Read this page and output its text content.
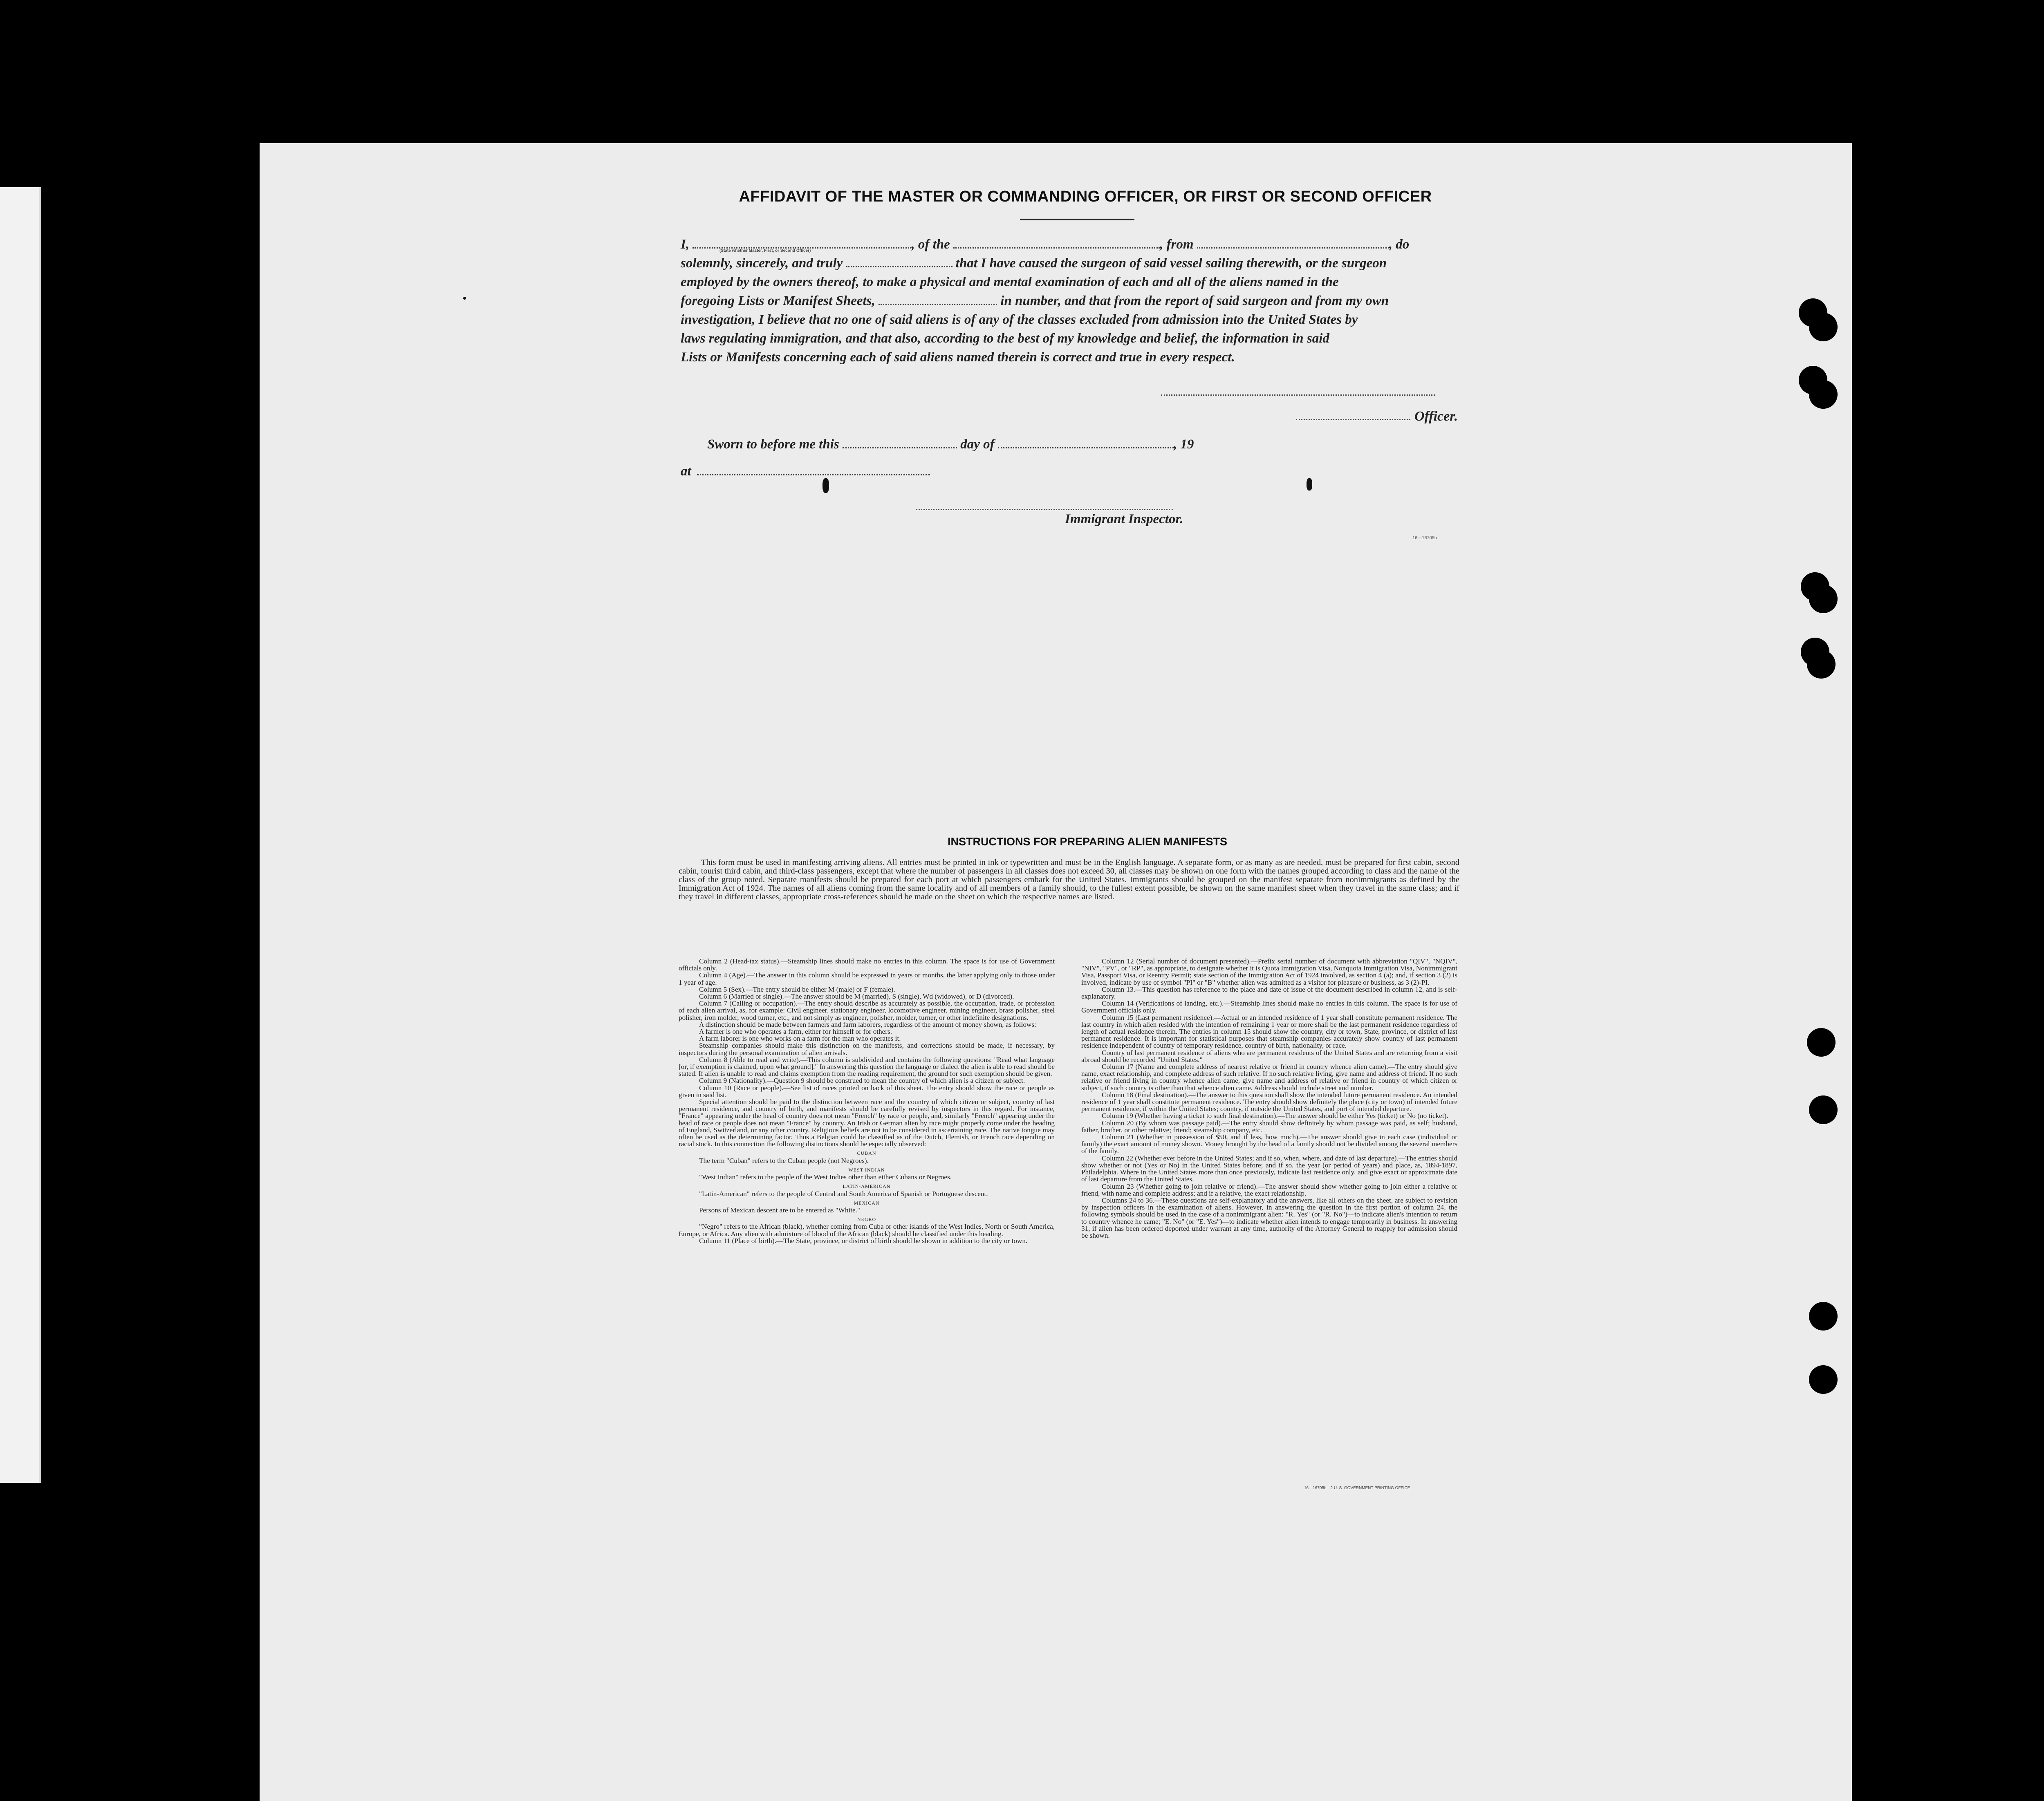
AFFIDAVIT OF THE MASTER OR COMMANDING OFFICER, OR FIRST OR SECOND OFFICER
I,	, of the	, from	, do
solemnly, sincerely, and truly	that I have caused the surgeon of said vessel sailing therewith, or the surgeon
employed by the owners thereof, to make a physical and mental examination of each and all of the aliens named in the
foregoing Lists or Manifest Sheets,	in number, and that from the report of said surgeon and from my own
investigation, I believe that no one of said aliens is of any of the classes excluded from admission into the United States by
laws regulating immigration, and that also, according to the best of my knowledge and belief, the information in said
Lists or Manifests concerning each of said aliens named therein is correct and true in every respect.
(State whether Master, First, or Second Officer)
Officer.
Sworn to before me this	day of	, 19
at
Immigrant Inspector.
16—16705b
INSTRUCTIONS FOR PREPARING ALIEN MANIFESTS

This form must be used in manifesting arriving aliens. All entries must be printed in ink or typewritten and must be in the English language. A separate form, or as many as are needed, must be prepared for first cabin, second cabin, tourist third cabin, and third-class passengers, except that where the number of passengers in all classes does not exceed 30, all classes may be shown on one form with the names grouped according to class and the name of the class of the group noted. Separate manifests should be prepared for each port at which passengers embark for the United States. Immigrants should be grouped on the manifest separate from nonimmigrants as defined by the Immigration Act of 1924. The names of all aliens coming from the same locality and of all members of a family should, to the fullest extent possible, be shown on the same manifest sheet when they travel in the same class; and if they travel in different classes, appropriate cross-references should be made on the sheet on which the respective names are listed.

Column 2 (Head-tax status).—Steamship lines should make no entries in this column. The space is for use of Government officials only.

Column 4 (Age).—The answer in this column should be expressed in years or months, the latter applying only to those under 1 year of age.

Column 5 (Sex).—The entry should be either M (male) or F (female).

Column 6 (Married or single).—The answer should be M (married), S (single), Wd (widowed), or D (divorced).

Column 7 (Calling or occupation).—The entry should describe as accurately as possible, the occupation, trade, or profession of each alien arrival, as, for example: Civil engineer, stationary engineer, locomotive engineer, mining engineer, brass polisher, steel polisher, iron molder, wood turner, etc., and not simply as engineer, polisher, molder, turner, or other indefinite designations.

A distinction should be made between farmers and farm laborers, regardless of the amount of money shown, as follows:

A farmer is one who operates a farm, either for himself or for others.

A farm laborer is one who works on a farm for the man who operates it.

Steamship companies should make this distinction on the manifests, and corrections should be made, if necessary, by inspectors during the personal examination of alien arrivals.

Column 8 (Able to read and write).—This column is subdivided and contains the following questions: "Read what language [or, if exemption is claimed, upon what ground]." In answering this question the language or dialect the alien is able to read should be stated. If alien is unable to read and claims exemption from the reading requirement, the ground for such exemption should be given.

Column 9 (Nationality).—Question 9 should be construed to mean the country of which alien is a citizen or subject.

Column 10 (Race or people).—See list of races printed on back of this sheet. The entry should show the race or people as given in said list.

Special attention should be paid to the distinction between race and the country of which citizen or subject, country of last permanent residence, and country of birth, and manifests should be carefully revised by inspectors in this regard. For instance, "France" appearing under the head of country does not mean "French" by race or people, and, similarly "French" appearing under the head of race or people does not mean "France" by country. An Irish or German alien by race might properly come under the heading of England, Switzerland, or any other country. Religious beliefs are not to be considered in ascertaining race. The native tongue may often be used as the determining factor. Thus a Belgian could be classified as of the Dutch, Flemish, or French race depending on racial stock. In this connection the following distinctions should be especially observed:

CUBAN

The term "Cuban" refers to the Cuban people (not Negroes).

WEST INDIAN

"West Indian" refers to the people of the West Indies other than either Cubans or Negroes.

LATIN-AMERICAN

"Latin-American" refers to the people of Central and South America of Spanish or Portuguese descent.

MEXICAN

Persons of Mexican descent are to be entered as "White."

NEGRO

"Negro" refers to the African (black), whether coming from Cuba or other islands of the West Indies, North or South America, Europe, or Africa. Any alien with admixture of blood of the African (black) should be classified under this heading.

Column 11 (Place of birth).—The State, province, or district of birth should be shown in addition to the city or town.

Column 12 (Serial number of document presented).—Prefix serial number of document with abbreviation "QIV", "NQIV", "NIV", "PV", or "RP", as appropriate, to designate whether it is Quota Immigration Visa, Nonquota Immigration Visa, Nonimmigrant Visa, Passport Visa, or Reentry Permit; state section of the Immigration Act of 1924 involved, as section 4 (a); and, if section 3 (2) is involved, indicate by use of symbol "PI" or "B" whether alien was admitted as a visitor for pleasure or business, as 3 (2)-PI.

Column 13.—This question has reference to the place and date of issue of the document described in column 12, and is self-explanatory.

Column 14 (Verifications of landing, etc.).—Steamship lines should make no entries in this column. The space is for use of Government officials only.

Column 15 (Last permanent residence).—Actual or an intended residence of 1 year shall constitute permanent residence. The last country in which alien resided with the intention of remaining 1 year or more shall be the last permanent residence regardless of length of actual residence therein. The entries in column 15 should show the country, city or town, State, province, or district of last permanent residence. It is important for statistical purposes that steamship companies accurately show country of last permanent residence independent of country of temporary residence, country of birth, nationality, or race.

Country of last permanent residence of aliens who are permanent residents of the United States and are returning from a visit abroad should be recorded "United States."

Column 17 (Name and complete address of nearest relative or friend in country whence alien came).—The entry should give name, exact relationship, and complete address of such relative. If no such relative living, give name and address of friend. If no such relative or friend living in country whence alien came, give name and address of relative or friend in country of which citizen or subject, if such country is other than that whence alien came. Address should include street and number.

Column 18 (Final destination).—The answer to this question shall show the intended future permanent residence. An intended residence of 1 year shall constitute permanent residence. The entry should show definitely the place (city or town) of intended future permanent residence, if within the United States; country, if outside the United States, and port of intended departure.

Column 19 (Whether having a ticket to such final destination).—The answer should be either Yes (ticket) or No (no ticket).

Column 20 (By whom was passage paid).—The entry should show definitely by whom passage was paid, as self; husband, father, brother, or other relative; friend; steamship company, etc.

Column 21 (Whether in possession of $50, and if less, how much).—The answer should give in each case (individual or family) the exact amount of money shown. Money brought by the head of a family should not be divided among the several members of the family.

Column 22 (Whether ever before in the United States; and if so, when, where, and date of last departure).—The entries should show whether or not (Yes or No) in the United States before; and if so, the year (or period of years) and place, as, 1894-1897, Philadelphia. Where in the United States more than once previously, indicate last residence only, and give exact or approximate date of last departure from the United States.

Column 23 (Whether going to join relative or friend).—The answer should show whether going to join either a relative or friend, with name and complete address; and if a relative, the exact relationship.

Columns 24 to 36.—These questions are self-explanatory and the answers, like all others on the sheet, are subject to revision by inspection officers in the examination of aliens. However, in answering the question in the first portion of column 24, the following symbols should be used in the case of a nonimmigrant alien: "R. Yes" (or "R. No")—to indicate alien's intention to return to country whence he came; "E. No" (or "E. Yes")—to indicate whether alien intends to engage temporarily in business. In answering 31, if alien has been ordered deported under warrant at any time, authority of the Attorney General to reapply for admission should be shown.

16—16705b—2 U. S. GOVERNMENT PRINTING OFFICE
